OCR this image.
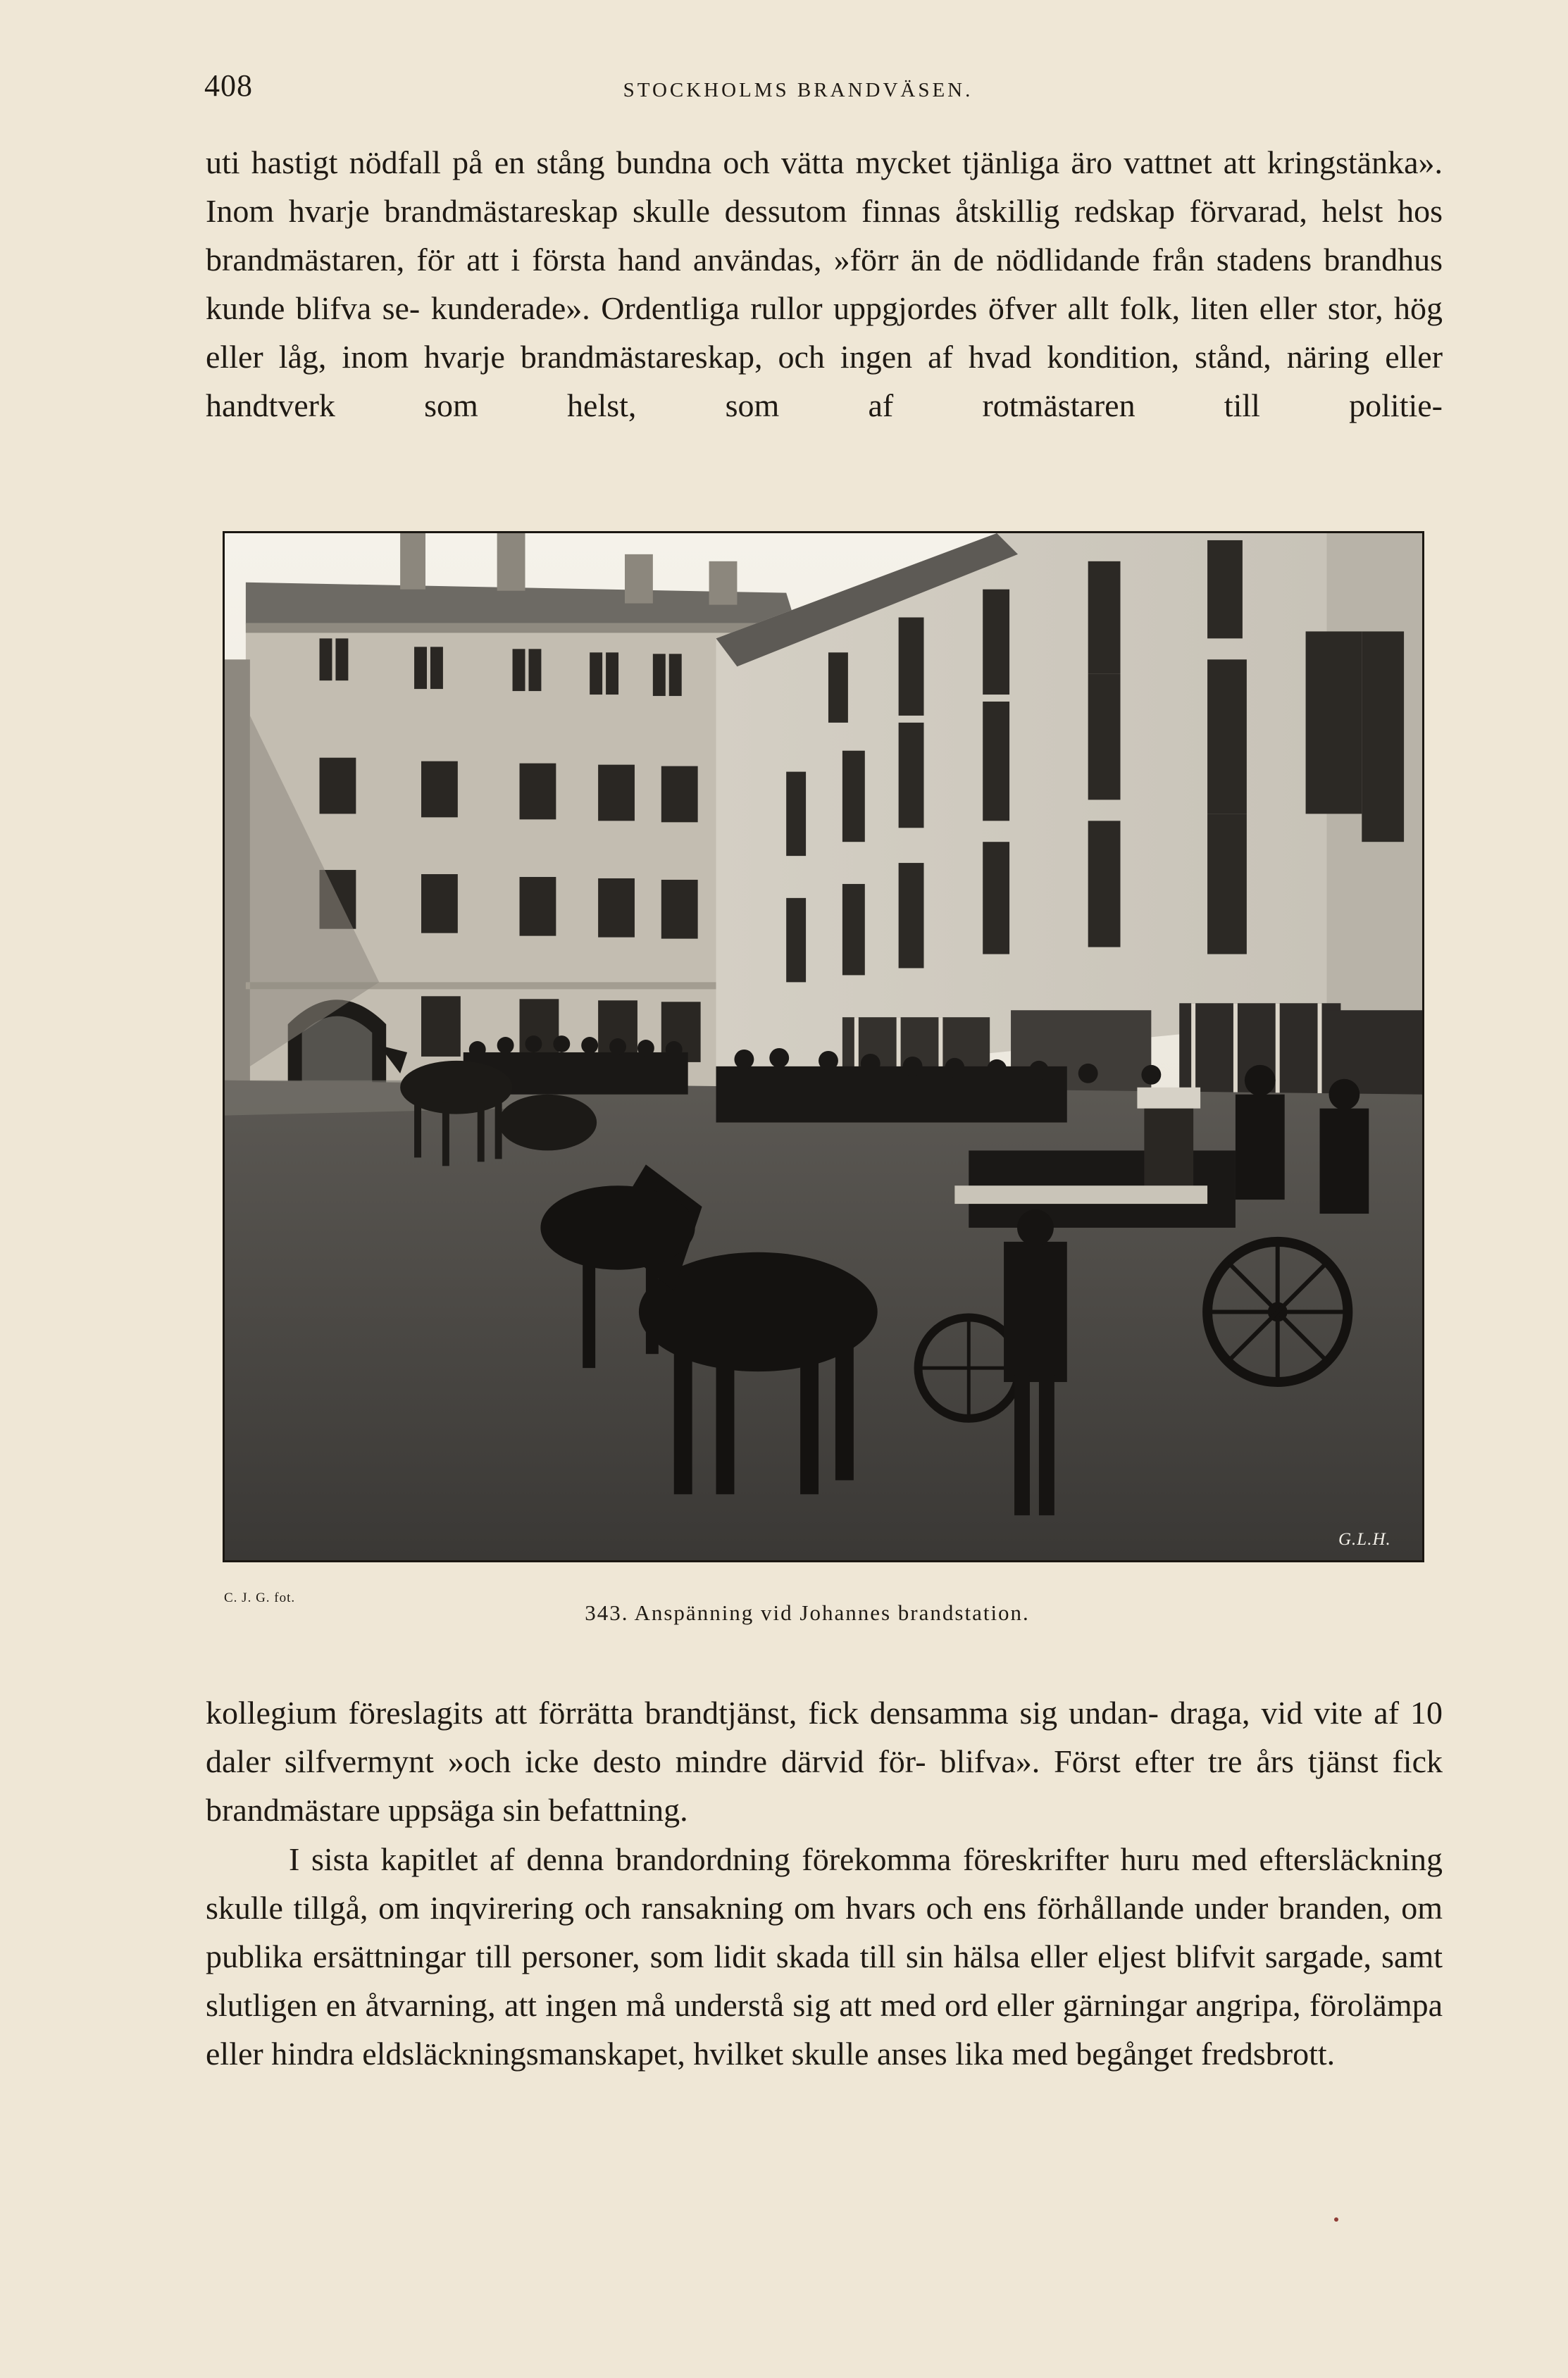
408	STOCKHOLMS BRANDVÄSEN.

uti hastigt nödfall på en stång bundna och vätta mycket tjänliga äro vattnet att kringstänka». Inom hvarje brandmästareskap skulle dessutom finnas åtskillig redskap förvarad, helst hos brandmästaren, för att i första hand användas, »förr än de nödlidande från stadens brandhus kunde blifva se- kunderade». Ordentliga rullor uppgjordes öfver allt folk, liten eller stor, hög eller låg, inom hvarje brandmästareskap, och ingen af hvad kondition, stånd, näring eller handtverk som helst, som af rotmästaren till politie-

G.L.H.
C. J. G. fot.
343. Anspänning vid Johannes brandstation.

kollegium föreslagits att förrätta brandtjänst, fick densamma sig undan- draga, vid vite af 10 daler silfvermynt »och icke desto mindre därvid för- blifva». Först efter tre års tjänst fick brandmästare uppsäga sin befattning.

I sista kapitlet af denna brandordning förekomma föreskrifter huru med eftersläckning skulle tillgå, om inqvirering och ransakning om hvars och ens förhållande under branden, om publika ersättningar till personer, som lidit skada till sin hälsa eller eljest blifvit sargade, samt slutligen en åtvarning, att ingen må understå sig att med ord eller gärningar angripa, förolämpa eller hindra eldsläckningsmanskapet, hvilket skulle anses lika med begånget fredsbrott.
